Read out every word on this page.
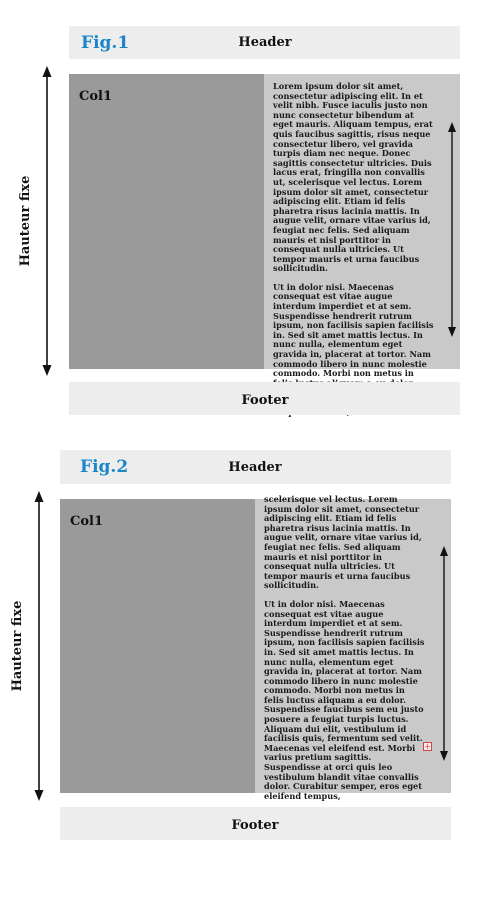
Fig.1	Header
Hauteur fixe
Col1

Lorem ipsum dolor sit amet, consectetur adipiscing elit. In et velit nibh. Fusce iaculis justo non nunc consectetur bibendum at eget mauris. Aliquam tempus, erat quis faucibus sagittis, risus neque consectetur libero, vel gravida turpis diam nec neque. Donec sagittis consectetur ultricies. Duis lacus erat, fringilla non convallis ut, scelerisque vel lectus. Lorem ipsum dolor sit amet, consectetur adipiscing elit. Etiam id felis pharetra risus lacinia mattis. In augue velit, ornare vitae varius id, feugiat nec felis. Sed aliquam mauris et nisl porttitor in consequat nulla ultricies. Ut tempor mauris et urna faucibus sollicitudin.

Ut in dolor nisi. Maecenas consequat est vitae augue interdum imperdiet et at sem. Suspendisse hendrerit rutrum ipsum, non facilisis sapien facilisis in. Sed sit amet mattis lectus. In nunc nulla, elementum eget gravida in, placerat at tortor. Nam commodo libero in nunc molestie commodo. Morbi non metus in

Footer
Fig.2	Header
Hauteur fixe
Col1

scelerisque vel lectus. Lorem ipsum dolor sit amet, consectetur adipiscing elit. Etiam id felis pharetra risus lacinia mattis. In augue velit, ornare vitae varius id, feugiat nec felis. Sed aliquam mauris et nisl porttitor in consequat nulla ultricies. Ut tempor mauris et urna faucibus sollicitudin.

Ut in dolor nisi. Maecenas consequat est vitae augue interdum imperdiet et at sem. Suspendisse hendrerit rutrum ipsum, non facilisis sapien facilisis in. Sed sit amet mattis lectus. In nunc nulla, elementum eget gravida in, placerat at tortor. Nam commodo libero in nunc molestie commodo. Morbi non metus in felis luctus aliquam a eu dolor. Suspendisse faucibus sem eu justo posuere a feugiat turpis luctus. Aliquam dui elit, vestibulum id facilisis quis, fermentum sed velit. Maecenas vel eleifend est. Morbi varius pretium sagittis. Suspendisse at orci quis leo vestibulum blandit vitae convallis dolor. Curabitur semper, eros eget eleifend tempus,

+
Footer
